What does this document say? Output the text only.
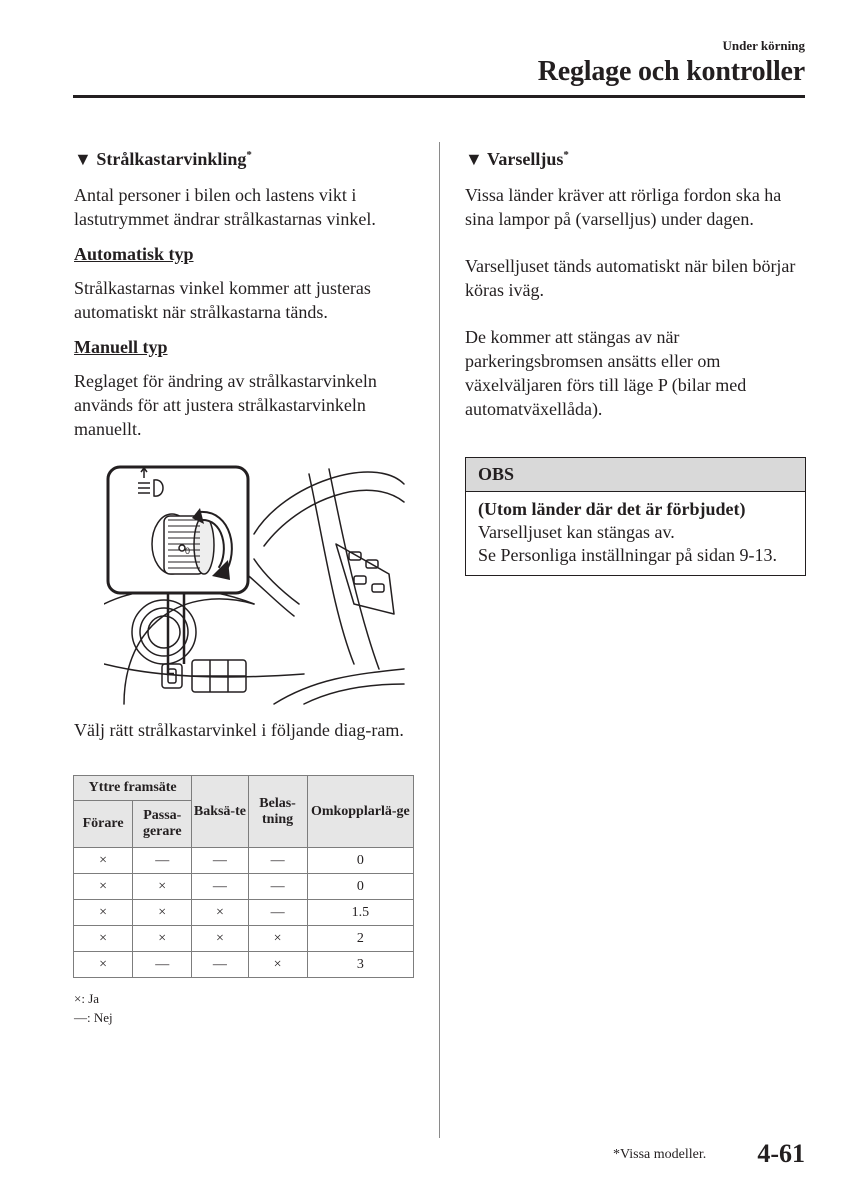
Under körning
Reglage och kontroller

▼ Strålkastarvinkling*

Antal personer i bilen och lastens vikt i lastutrymmet ändrar strålkastarnas vinkel.

Automatisk typ

Strålkastarnas vinkel kommer att justeras automatiskt när strålkastarna tänds.

Manuell typ

Reglaget för ändring av strålkastarvinkeln används för att justera strålkastarvinkeln manuellt.

0
Välj rätt strålkastarvinkel i följande diag-ram.
Yttre framsäte		Baksä-te	Belas-tning	Omkopplarlä-ge
Förare	Passa-gerare			
×	—	—	—	0
×	×	—	—	0
×	×	×	—	1.5
×	×	×	×	2
×	—	—	×	3
×: Ja
—: Nej

▼ Varselljus*

Vissa länder kräver att rörliga fordon ska ha sina lampor på (varselljus) under dagen.

Varselljuset tänds automatiskt när bilen börjar köras iväg.

De kommer att stängas av när parkeringsbromsen ansätts eller om växelväljaren förs till läge P (bilar med automatväxellåda).

OBS
(Utom länder där det är förbjudet)
Varselljuset kan stängas av.
Se Personliga inställningar på sidan 9-13.
*Vissa modeller. 4-61
